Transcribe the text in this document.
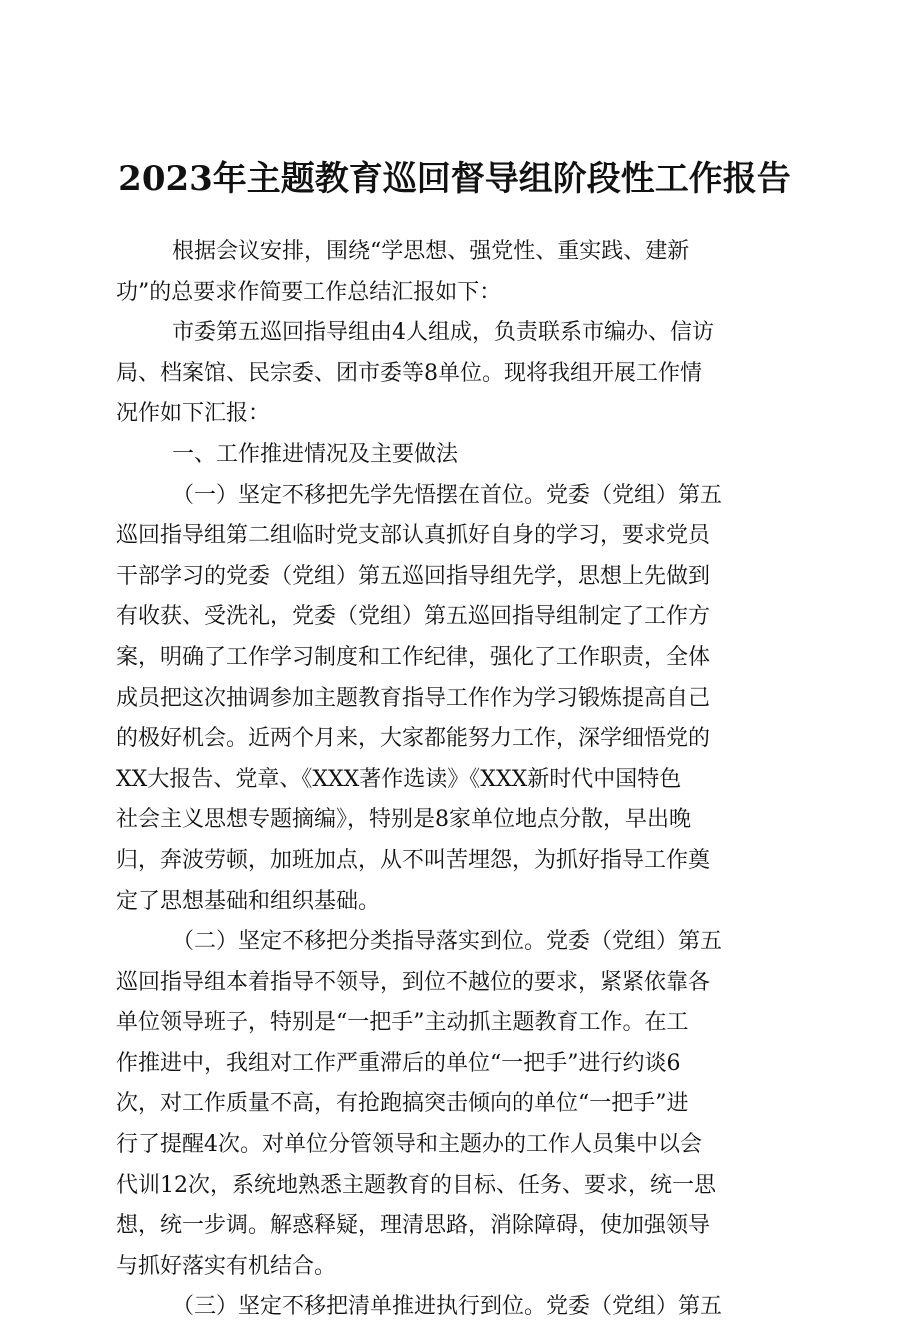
2023年主题教育巡回督导组阶段性工作报告
根据会议安排，围绕“学思想、强党性、重实践、建新
功”的总要求作简要工作总结汇报如下：
市委第五巡回指导组由4人组成，负责联系市编办、信访
局、档案馆、民宗委、团市委等8单位。现将我组开展工作情
况作如下汇报：
一、工作推进情况及主要做法
（一）坚定不移把先学先悟摆在首位。党委（党组）第五
巡回指导组第二组临时党支部认真抓好自身的学习，要求党员
干部学习的党委（党组）第五巡回指导组先学，思想上先做到
有收获、受洗礼，党委（党组）第五巡回指导组制定了工作方
案，明确了工作学习制度和工作纪律，强化了工作职责，全体
成员把这次抽调参加主题教育指导工作作为学习锻炼提高自己
的极好机会。近两个月来，大家都能努力工作，深学细悟党的
XX大报告、党章、《XXX著作选读》《XXX新时代中国特色
社会主义思想专题摘编》，特别是8家单位地点分散，早出晚
归，奔波劳顿，加班加点，从不叫苦埋怨，为抓好指导工作奠
定了思想基础和组织基础。
（二）坚定不移把分类指导落实到位。党委（党组）第五
巡回指导组本着指导不领导，到位不越位的要求，紧紧依靠各
单位领导班子，特别是“一把手”主动抓主题教育工作。在工
作推进中，我组对工作严重滞后的单位“一把手”进行约谈6
次，对工作质量不高，有抢跑搞突击倾向的单位“一把手”进
行了提醒4次。对单位分管领导和主题办的工作人员集中以会
代训12次，系统地熟悉主题教育的目标、任务、要求，统一思
想，统一步调。解惑释疑，理清思路，消除障碍，使加强领导
与抓好落实有机结合。
（三）坚定不移把清单推进执行到位。党委（党组）第五
